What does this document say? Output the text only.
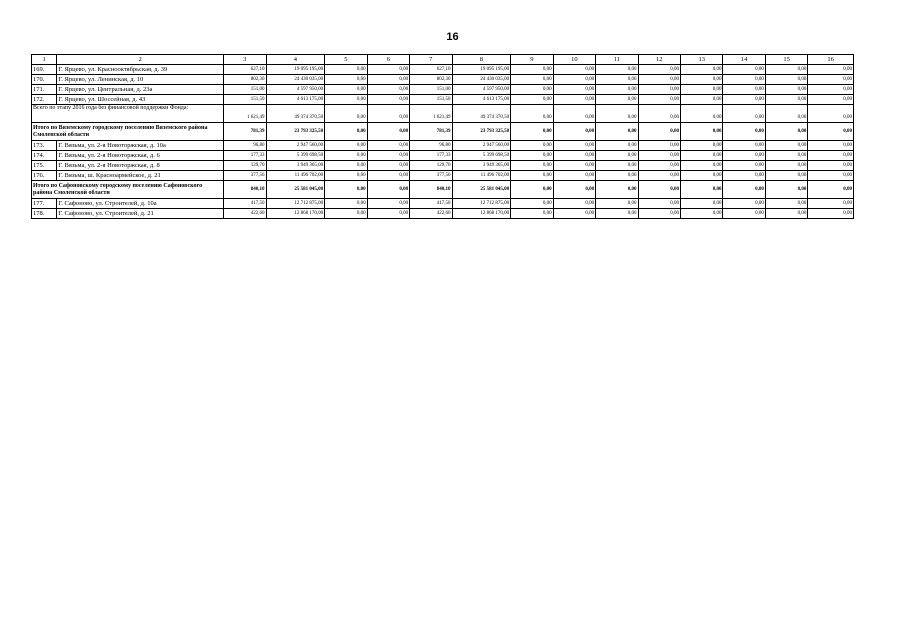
16
1	2	3	4	5	6	7	8	9	10	11	12	13	14	15	16
169.	Г. Ярцево, ул. Краснооктябрьская, д. 39	627,10	19 095 195,00	0,00	0,00	627,10	19 095 195,00	0,00	0,00	0,00	0,00	0,00	0,00	0,00	0,00
170.	Г. Ярцево, ул. Ленинская, д. 10	802,30	24 430 035,00	0,00	0,00	802,30	24 430 035,00	0,00	0,00	0,00	0,00	0,00	0,00	0,00	0,00
171.	Г. Ярцево, ул. Центральная, д. 23а	151,00	4 597 950,00	0,00	0,00	151,00	4 597 950,00	0,00	0,00	0,00	0,00	0,00	0,00	0,00	0,00
172.	Г. Ярцево, ул. Шоссейная, д. 43	151,50	4 613 175,00	0,00	0,00	151,50	4 613 175,00	0,00	0,00	0,00	0,00	0,00	0,00	0,00	0,00
Всего по этапу 2016 года без финансовой поддержки Фонда:		1 621,49	49 374 370,50	0,00	0,00	1 621,49	49 374 370,50	0,00	0,00	0,00	0,00	0,00	0,00	0,00	0,00
Итого по Вяземскому городскому поселению Вяземского района Смоленской области		781,39	23 793 325,50	0,00	0,00	781,39	23 793 325,50	0,00	0,00	0,00	0,00	0,00	0,00	0,00	0,00
173.	Г. Вязьма, ул. 2-я Новоторжская, д. 10а	96,80	2 947 560,00	0,00	0,00	96,80	2 947 560,00	0,00	0,00	0,00	0,00	0,00	0,00	0,00	0,00
174.	Г. Вязьма, ул. 2-я Новоторжская, д. 6	177,33	5 399 698,50	0,00	0,00	177,33	5 399 698,50	0,00	0,00	0,00	0,00	0,00	0,00	0,00	0,00
175.	Г. Вязьма, ул. 2-я Новоторжская, д. 8	129,70	3 949 365,00	0,00	0,00	129,70	3 949 365,00	0,00	0,00	0,00	0,00	0,00	0,00	0,00	0,00
176.	Г. Вязьма, ш. Красноармейское, д. 21	377,56	11 496 702,00	0,00	0,00	377,56	11 496 702,00	0,00	0,00	0,00	0,00	0,00	0,00	0,00	0,00
Итого по Сафоновскому городскому поселению Сафоновского района Смоленской области		840,10	25 581 045,00	0,00	0,00	840,10	25 581 045,00	0,00	0,00	0,00	0,00	0,00	0,00	0,00	0,00
177.	Г. Сафоново, ул. Строителей, д. 10а	417,50	12 712 875,00	0,00	0,00	417,50	12 712 875,00	0,00	0,00	0,00	0,00	0,00	0,00	0,00	0,00
178.	Г. Сафоново, ул. Строителей, д. 21	422,60	12 868 170,00	0,00	0,00	422,60	12 868 170,00	0,00	0,00	0,00	0,00	0,00	0,00	0,00	0,00
